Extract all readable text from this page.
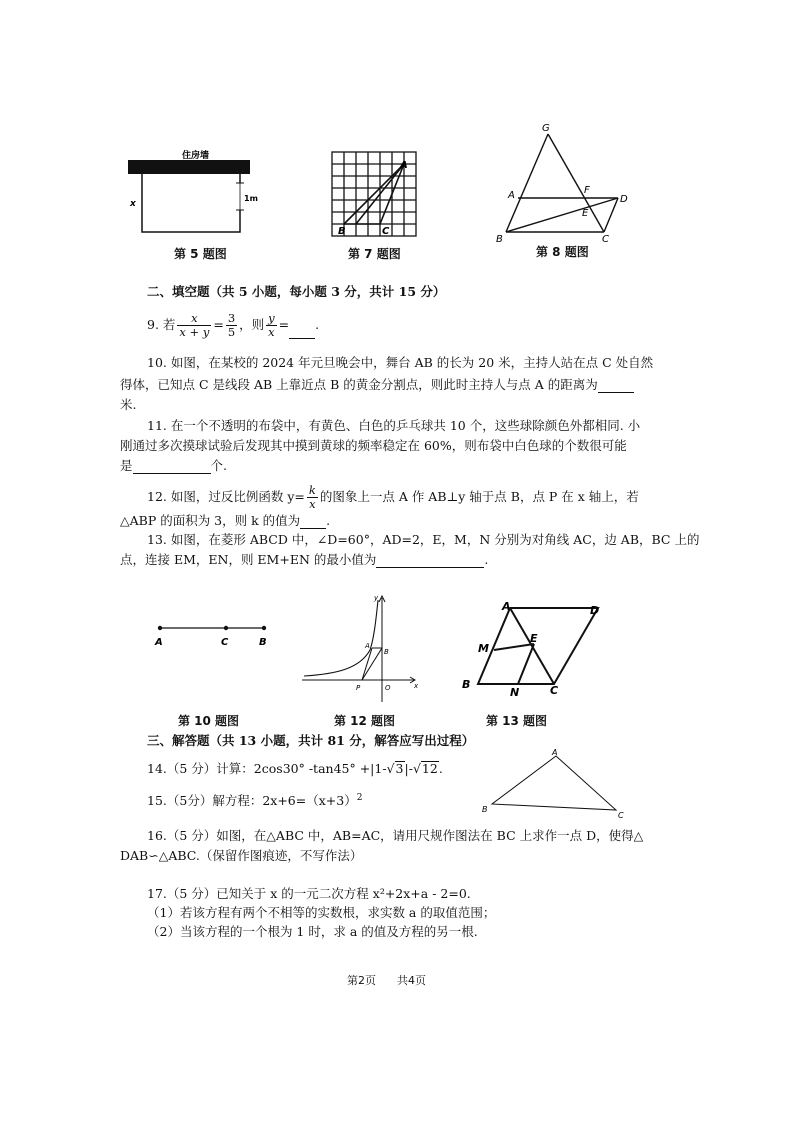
住房墙
x
1m
第 5 题图
A
B	C
第 7 题图
G
A	F
D
E
B	C
第 8 题图
二、填空题（共 5 小题，每小题 3 分，共计 15 分）
9. 若 $\frac{x}{x + y} = \frac{3}{5}$ ，则 $\frac{y}{x}$ = .
10. 如图，在某校的 2024 年元旦晚会中，舞台 AB 的长为 20 米，主持人站在点 C 处自然
得体，已知点 C 是线段 AB 上靠近点 B 的黄金分割点，则此时主持人与点 A 的距离为
米.
11. 在一个不透明的布袋中，有黄色、白色的乒乓球共 10 个，这些球除颜色外都相同. 小
刚通过多次摸球试验后发现其中摸到黄球的频率稳定在 60%，则布袋中白色球的个数很可能
是	个.
12. 如图，过反比例函数 $y= \frac{k}{x}$ 的图象上一点 A 作 AB⊥y 轴于点 B，点 P 在 x 轴上，若
△ABP 的面积为 3，则 k 的值为 .
13. 如图，在菱形 ABCD 中，∠D=60°，AD=2，E，M，N 分别为对角线 AC，边 AB，BC 上的
点，连接 EM，EN，则 EM+EN 的最小值为	.
A	C	B
第 10 题图
y
A
B
P	O	x
第 12 题图
A	D
M
E
B
N	C
第 13 题图
三、解答题（共 13 小题，共计 81 分，解答应写出过程）
14.（5 分）计算：2cos30° -tan45° +|1-√3|-√12.
15.（5分）解方程：$2x+6=(x+3)^2$
A
B
C
16.（5 分）如图，在△ABC 中，AB=AC，请用尺规作图法在 BC 上求作一点 D，使得△
DAB∽△ABC.（保留作图痕迹，不写作法）
17.（5 分）已知关于 x 的一元二次方程 x²+2x+a - 2=0.
（1）若该方程有两个不相等的实数根，求实数 a 的取值范围；
（2）当该方程的一个根为 1 时，求 a 的值及方程的另一根.
第2页 共4页
